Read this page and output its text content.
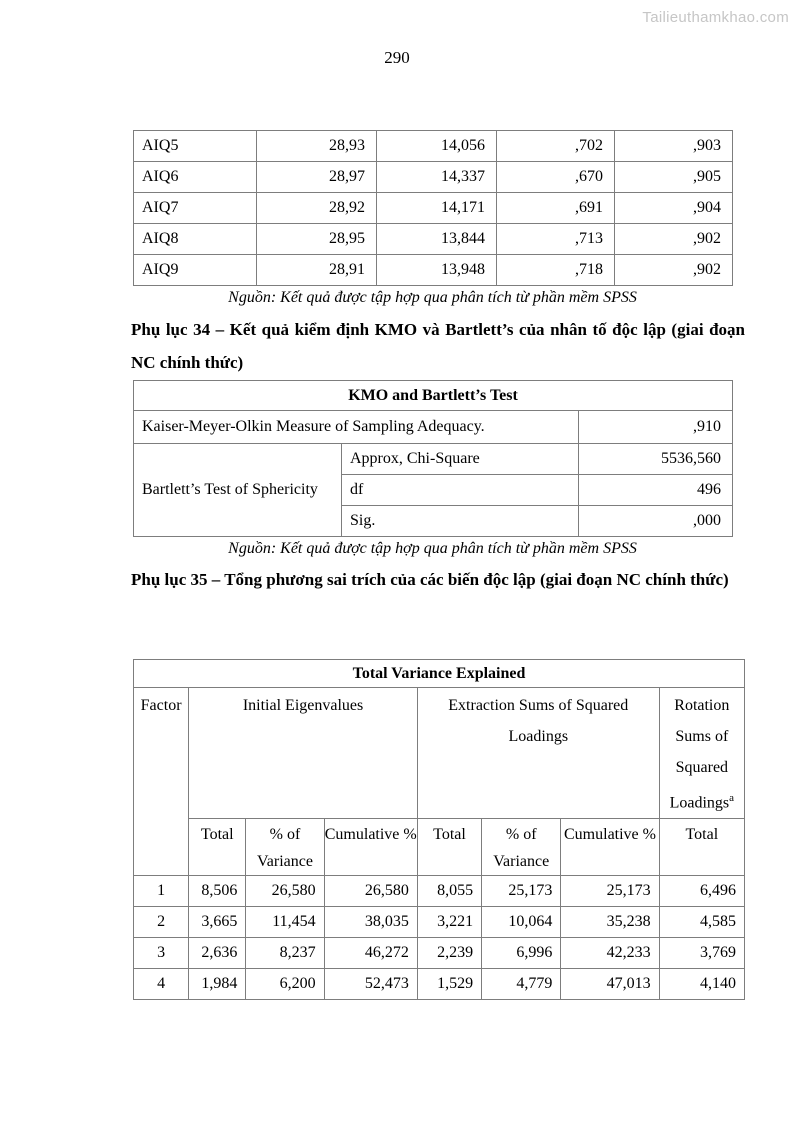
Tailieuthamkhao.com
290
AIQ5	28,93	14,056	,702	,903
AIQ6	28,97	14,337	,670	,905
AIQ7	28,92	14,171	,691	,904
AIQ8	28,95	13,844	,713	,902
AIQ9	28,91	13,948	,718	,902
Nguồn: Kết quả được tập hợp qua phân tích từ phần mềm SPSS
Phụ lục 34 – Kết quả kiểm định KMO và Bartlett’s của nhân tố độc lập (giai đoạn NC chính thức)
KMO and Bartlett’s Test		
Kaiser-Meyer-Olkin Measure of Sampling Adequacy.		,910
Bartlett’s Test of Sphericity	Approx, Chi-Square	5536,560
	df	496
	Sig.	,000
Nguồn: Kết quả được tập hợp qua phân tích từ phần mềm SPSS
Phụ lục 35 – Tổng phương sai trích của các biến độc lập (giai đoạn NC chính thức)
Total Variance Explained							
Factor	Initial Eigenvalues			Extraction Sums of Squared Loadings			Rotation Sums of Squared Loadings$^a$
	Total	% of Variance	Cumulative %	Total	% of Variance	Cumulative %	Total
1	8,506	26,580	26,580	8,055	25,173	25,173	6,496
2	3,665	11,454	38,035	3,221	10,064	35,238	4,585
3	2,636	8,237	46,272	2,239	6,996	42,233	3,769
4	1,984	6,200	52,473	1,529	4,779	47,013	4,140
